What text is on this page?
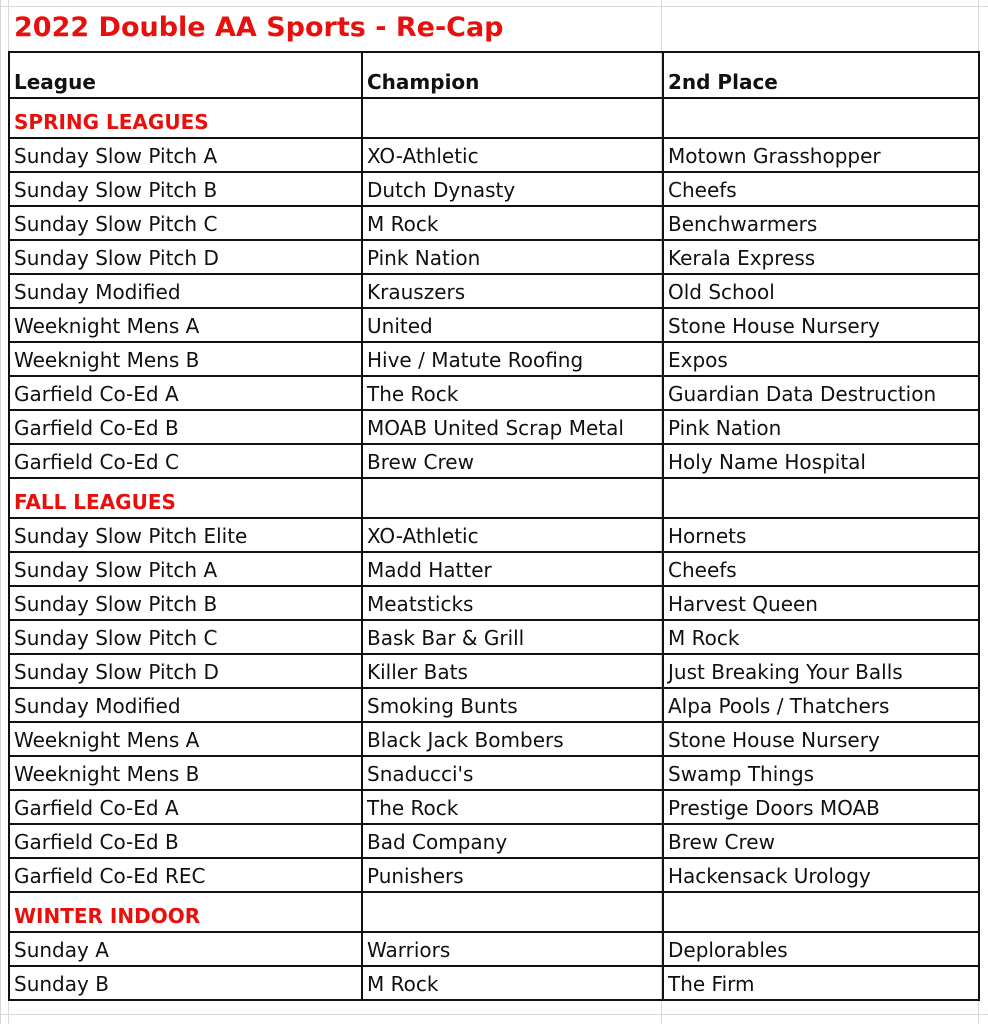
2022 Double AA Sports - Re-Cap
League	Champion	2nd Place
SPRING LEAGUES		
Sunday Slow Pitch A	XO-Athletic	Motown Grasshopper
Sunday Slow Pitch B	Dutch Dynasty	Cheefs
Sunday Slow Pitch C	M Rock	Benchwarmers
Sunday Slow Pitch D	Pink Nation	Kerala Express
Sunday Modified	Krauszers	Old School
Weeknight Mens A	United	Stone House Nursery
Weeknight Mens B	Hive / Matute Roofing	Expos
Garfield Co-Ed A	The Rock	Guardian Data Destruction
Garfield Co-Ed B	MOAB United Scrap Metal	Pink Nation
Garfield Co-Ed C	Brew Crew	Holy Name Hospital
FALL LEAGUES		
Sunday Slow Pitch Elite	XO-Athletic	Hornets
Sunday Slow Pitch A	Madd Hatter	Cheefs
Sunday Slow Pitch B	Meatsticks	Harvest Queen
Sunday Slow Pitch C	Bask Bar & Grill	M Rock
Sunday Slow Pitch D	Killer Bats	Just Breaking Your Balls
Sunday Modified	Smoking Bunts	Alpa Pools / Thatchers
Weeknight Mens A	Black Jack Bombers	Stone House Nursery
Weeknight Mens B	Snaducci's	Swamp Things
Garfield Co-Ed A	The Rock	Prestige Doors MOAB
Garfield Co-Ed B	Bad Company	Brew Crew
Garfield Co-Ed REC	Punishers	Hackensack Urology
WINTER INDOOR		
Sunday A	Warriors	Deplorables
Sunday B	M Rock	The Firm
